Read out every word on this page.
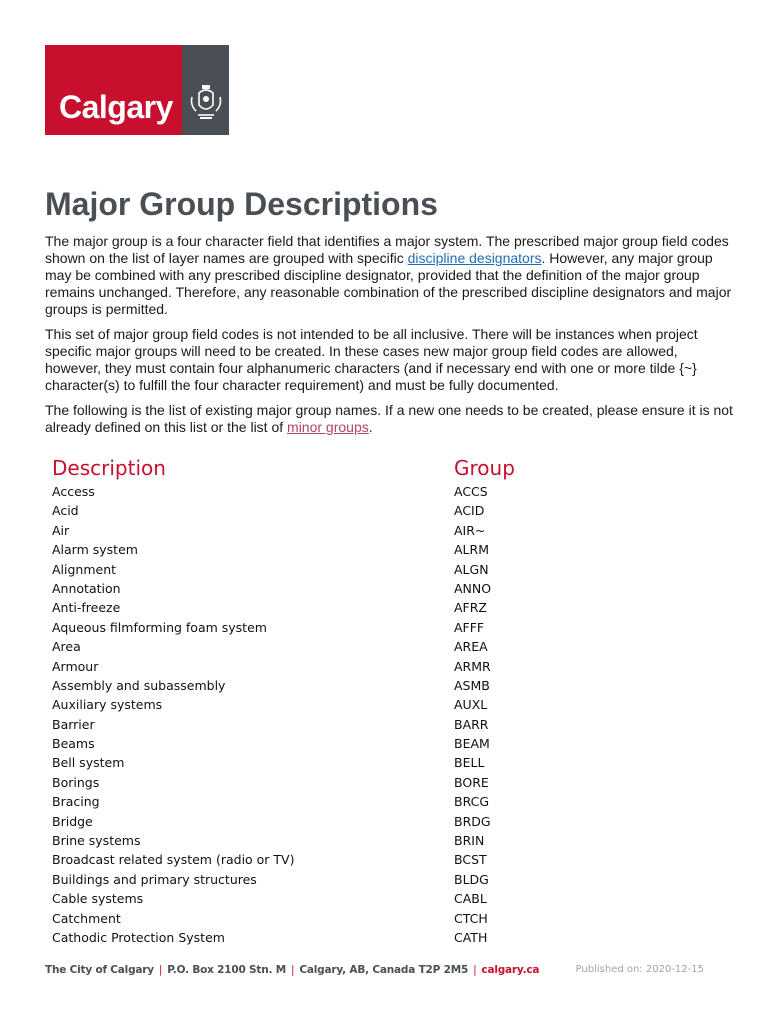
Calgary
Major Group Descriptions

The major group is a four character field that identifies a major system. The prescribed major group field codes shown on the list of layer names are grouped with specific discipline designators. However, any major group may be combined with any prescribed discipline designator, provided that the definition of the major group remains unchanged. Therefore, any reasonable combination of the prescribed discipline designators and major groups is permitted.

This set of major group field codes is not intended to be all inclusive. There will be instances when project specific major groups will need to be created. In these cases new major group field codes are allowed, however, they must contain four alphanumeric characters (and if necessary end with one or more tilde {~} character(s) to fulfill the four character requirement) and must be fully documented.

The following is the list of existing major group names. If a new one needs to be created, please ensure it is not already defined on this list or the list of minor groups.

Description	Group
Access	ACCS
Acid	ACID
Air	AIR~
Alarm system	ALRM
Alignment	ALGN
Annotation	ANNO
Anti-freeze	AFRZ
Aqueous filmforming foam system	AFFF
Area	AREA
Armour	ARMR
Assembly and subassembly	ASMB
Auxiliary systems	AUXL
Barrier	BARR
Beams	BEAM
Bell system	BELL
Borings	BORE
Bracing	BRCG
Bridge	BRDG
Brine systems	BRIN
Broadcast related system (radio or TV)	BCST
Buildings and primary structures	BLDG
Cable systems	CABL
Catchment	CTCH
Cathodic Protection System	CATH
The City of Calgary | P.O. Box 2100 Stn. M | Calgary, AB, Canada T2P 2M5 | calgary.ca	Published on: 2020-12-15
